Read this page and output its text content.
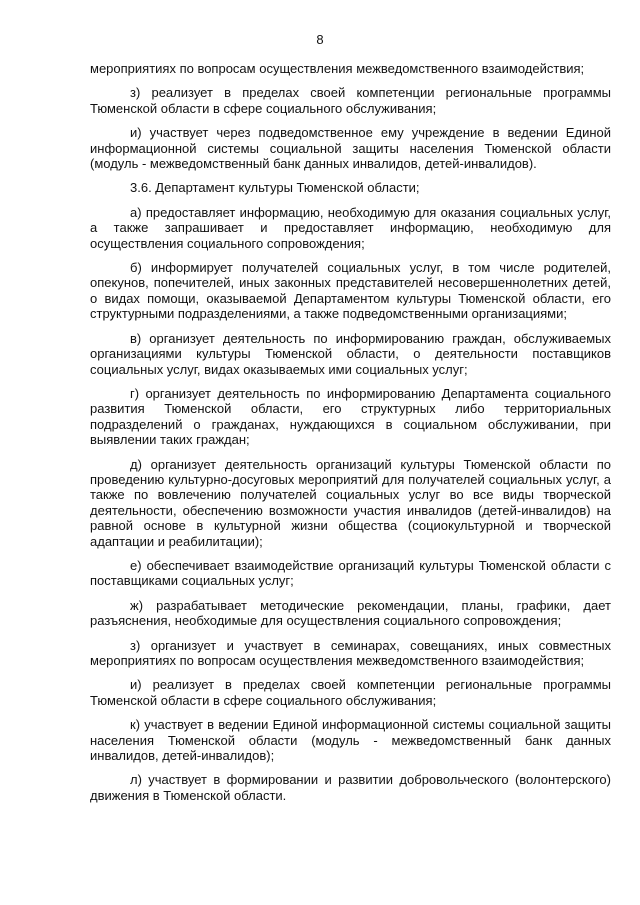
8

мероприятиях по вопросам осуществления межведомственного взаимодействия;

з) реализует в пределах своей компетенции региональные программы Тюменской области в сфере социального обслуживания;

и) участвует через подведомственное ему учреждение в ведении Единой информационной системы социальной защиты населения Тюменской области (модуль - межведомственный банк данных инвалидов, детей-инвалидов).

3.6. Департамент культуры Тюменской области;

а) предоставляет информацию, необходимую для оказания социальных услуг, а также запрашивает и предоставляет информацию, необходимую для осуществления социального сопровождения;

б) информирует получателей социальных услуг, в том числе родителей, опекунов, попечителей, иных законных представителей несовершеннолетних детей, о видах помощи, оказываемой Департаментом культуры Тюменской области, его структурными подразделениями, а также подведомственными организациями;

в) организует деятельность по информированию граждан, обслуживаемых организациями культуры Тюменской области, о деятельности поставщиков социальных услуг, видах оказываемых ими социальных услуг;

г) организует деятельность по информированию Департамента социального развития Тюменской области, его структурных либо территориальных подразделений о гражданах, нуждающихся в социальном обслуживании, при выявлении таких граждан;

д) организует деятельность организаций культуры Тюменской области по проведению культурно-досуговых мероприятий для получателей социальных услуг, а также по вовлечению получателей социальных услуг во все виды творческой деятельности, обеспечению возможности участия инвалидов (детей-инвалидов) на равной основе в культурной жизни общества (социокультурной и творческой адаптации и реабилитации);

е) обеспечивает взаимодействие организаций культуры Тюменской области с поставщиками социальных услуг;

ж) разрабатывает методические рекомендации, планы, графики, дает разъяснения, необходимые для осуществления социального сопровождения;

з) организует и участвует в семинарах, совещаниях, иных совместных мероприятиях по вопросам осуществления межведомственного взаимодействия;

и) реализует в пределах своей компетенции региональные программы Тюменской области в сфере социального обслуживания;

к) участвует в ведении Единой информационной системы социальной защиты населения Тюменской области (модуль - межведомственный банк данных инвалидов, детей-инвалидов);

л) участвует в формировании и развитии добровольческого (волонтерского) движения в Тюменской области.
